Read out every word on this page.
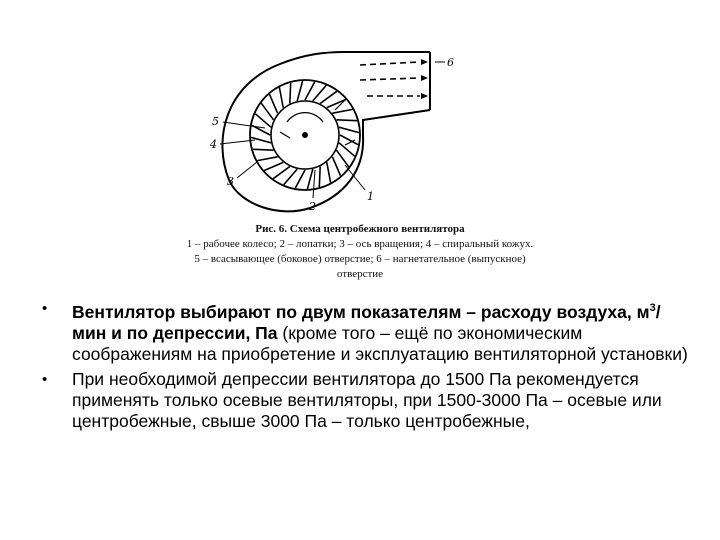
5
4
3
2
1
6
Рис. 6. Схема центробежного вентилятора
1 – рабочее колесо; 2 – лопатки; 3 – ось вращения; 4 – спиральный кожух.
5 – всасывающее (боковое) отверстие; 6 – нагнетательное (выпускное)
отверстие
• Вентилятор выбирают по двум показателям – расходу воздуха, $м^3$/мин и по депрессии, Па (кроме того – ещё по экономическим соображениям на приобретение и эксплуатацию вентиляторной установки)
• При необходимой депрессии вентилятора до 1500 Па рекомендуется применять только осевые вентиляторы, при 1500-3000 Па – осевые или центробежные, свыше 3000 Па – только центробежные,
